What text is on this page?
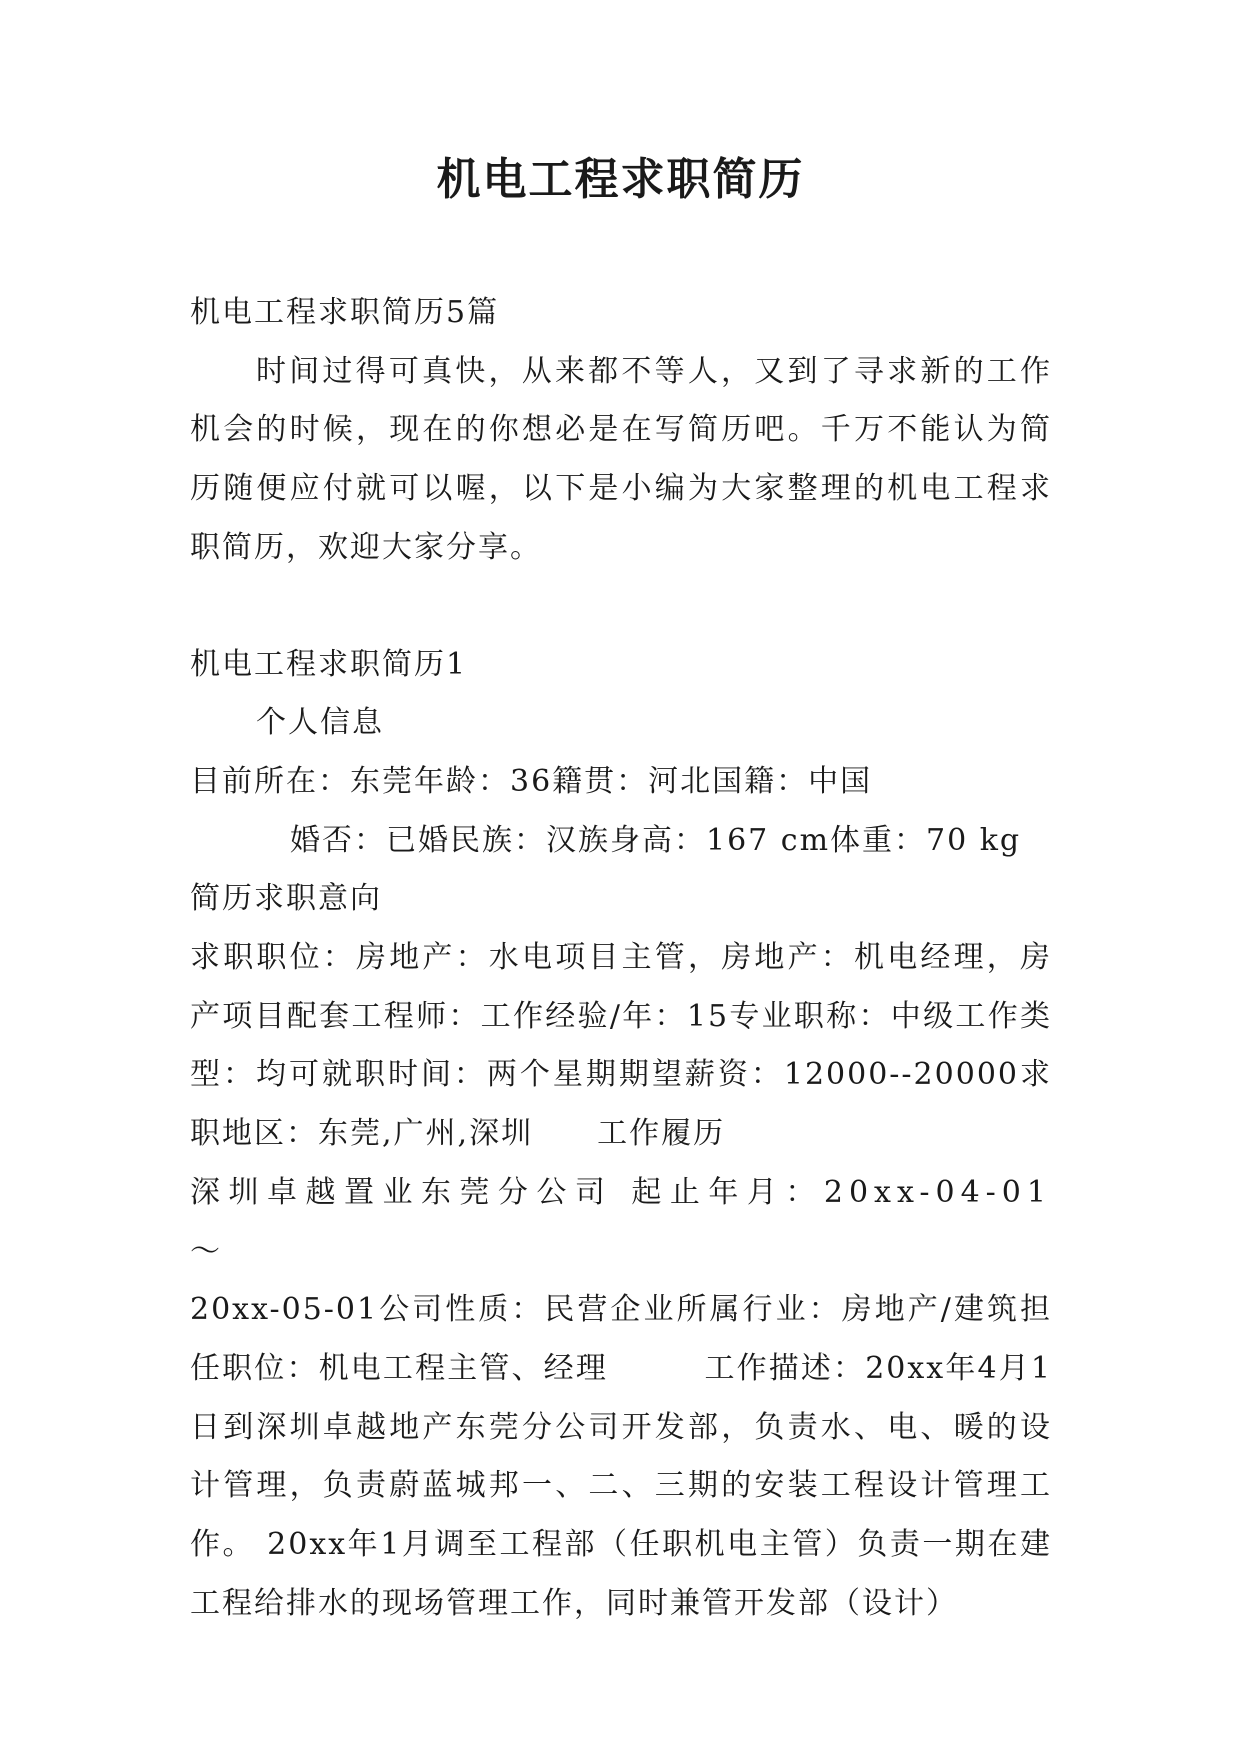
机电工程求职简历

机电工程求职简历5篇

时间过得可真快，从来都不等人，又到了寻求新的工作机会的时候，现在的你想必是在写简历吧。千万不能认为简历随便应付就可以喔，以下是小编为大家整理的机电工程求职简历，欢迎大家分享。

机电工程求职简历1

个人信息

目前所在：东莞年龄：36籍贯：河北国籍：中国

婚否：已婚民族：汉族身高：167 cm体重：70 kg

简历求职意向

求职职位：房地产：水电项目主管，房地产：机电经理，房产项目配套工程师：工作经验/年：15专业职称：中级工作类型：均可就职时间：两个星期期望薪资：12000--20000求职地区：东莞,广州,深圳　　工作履历

深圳卓越置业东莞分公司 起止年月：20xx-04-01 ～

20xx-05-01公司性质：民营企业所属行业：房地产/建筑担任职位：机电工程主管、经理　　　工作描述：20xx年4月1日到深圳卓越地产东莞分公司开发部，负责水、电、暖的设计管理，负责蔚蓝城邦一、二、三期的安装工程设计管理工作。 20xx年1月调至工程部（任职机电主管）负责一期在建工程给排水的现场管理工作，同时兼管开发部（设计）
